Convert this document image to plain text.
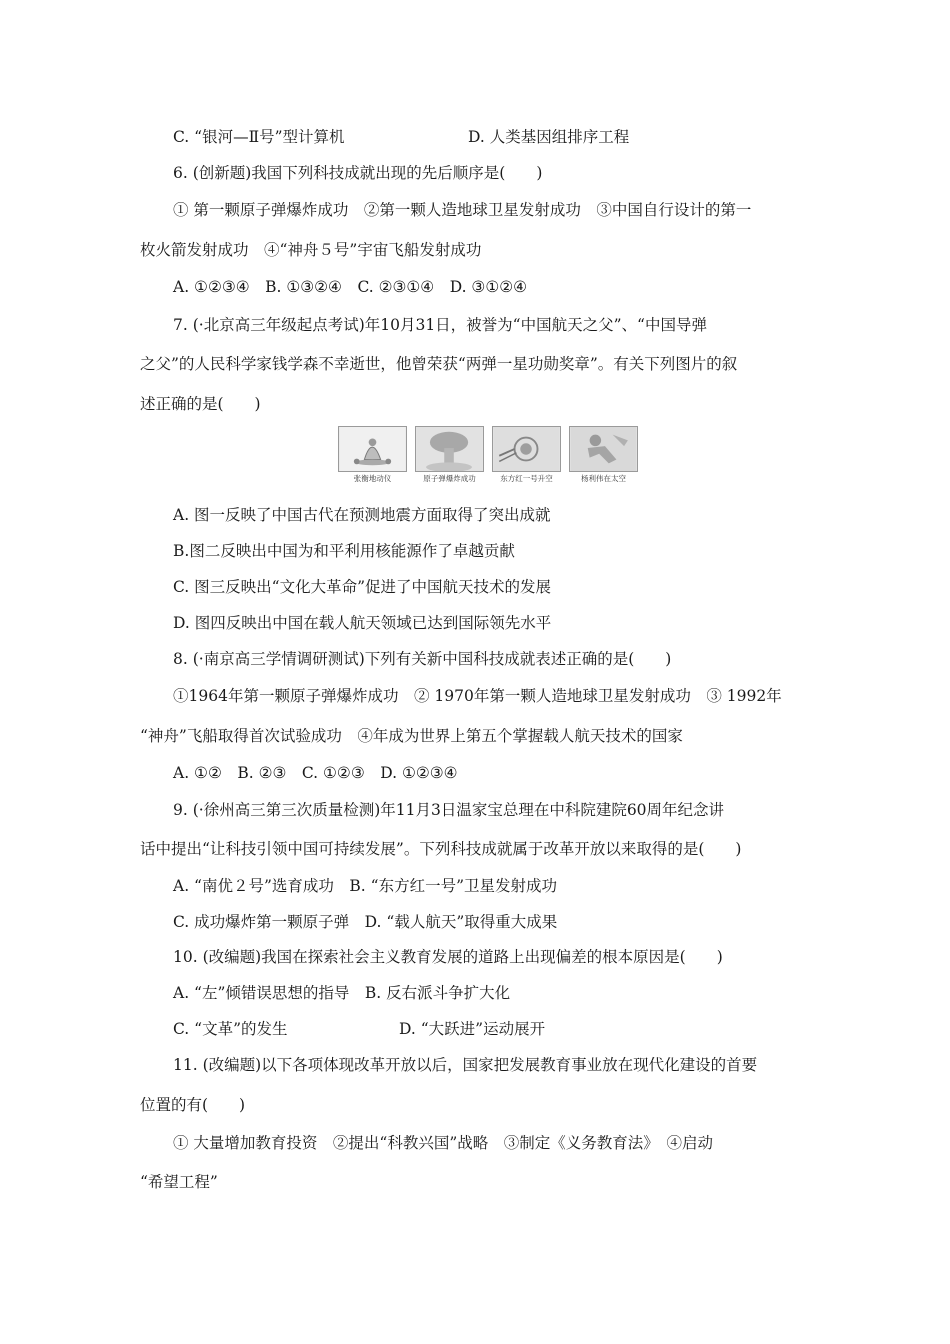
C. “银河—Ⅱ号”型计算机	D. 人类基因组排序工程
6. (创新题)我国下列科技成就出现的先后顺序是(　　)
① 第一颗原子弹爆炸成功　②第一颗人造地球卫星发射成功　③中国自行设计的第一
枚火箭发射成功　④“神舟５号”宇宙飞船发射成功
A. ①②③④　B. ①③②④　C. ②③①④　D. ③①②④
7. (·北京高三年级起点考试)年10月31日，被誉为“中国航天之父”、“中国导弹
之父”的人民科学家钱学森不幸逝世，他曾荣获“两弹一星功勋奖章”。有关下列图片的叙
述正确的是(　　)
张衡地动仪	原子弹爆炸成功	东方红一号升空	杨利伟在太空
A. 图一反映了中国古代在预测地震方面取得了突出成就
B.图二反映出中国为和平利用核能源作了卓越贡献
C. 图三反映出“文化大革命”促进了中国航天技术的发展
D. 图四反映出中国在载人航天领域已达到国际领先水平
8. (·南京高三学情调研测试)下列有关新中国科技成就表述正确的是(　　)
①1964年第一颗原子弹爆炸成功　② 1970年第一颗人造地球卫星发射成功　③ 1992年
“神舟”飞船取得首次试验成功　④年成为世界上第五个掌握载人航天技术的国家
A. ①②　B. ②③　C. ①②③　D. ①②③④
9. (·徐州高三第三次质量检测)年11月3日温家宝总理在中科院建院60周年纪念讲
话中提出“让科技引领中国可持续发展”。下列科技成就属于改革开放以来取得的是(　　)
A. “南优２号”选育成功　B. “东方红一号”卫星发射成功
C. 成功爆炸第一颗原子弹　D. “载人航天”取得重大成果
10. (改编题)我国在探索社会主义教育发展的道路上出现偏差的根本原因是(　　)
A. “左”倾错误思想的指导　B. 反右派斗争扩大化
C. “文革”的发生	D. “大跃进”运动展开
11. (改编题)以下各项体现改革开放以后，国家把发展教育事业放在现代化建设的首要
位置的有(　　)
① 大量增加教育投资　②提出“科教兴国”战略　③制定《义务教育法》　④启动
“希望工程”
